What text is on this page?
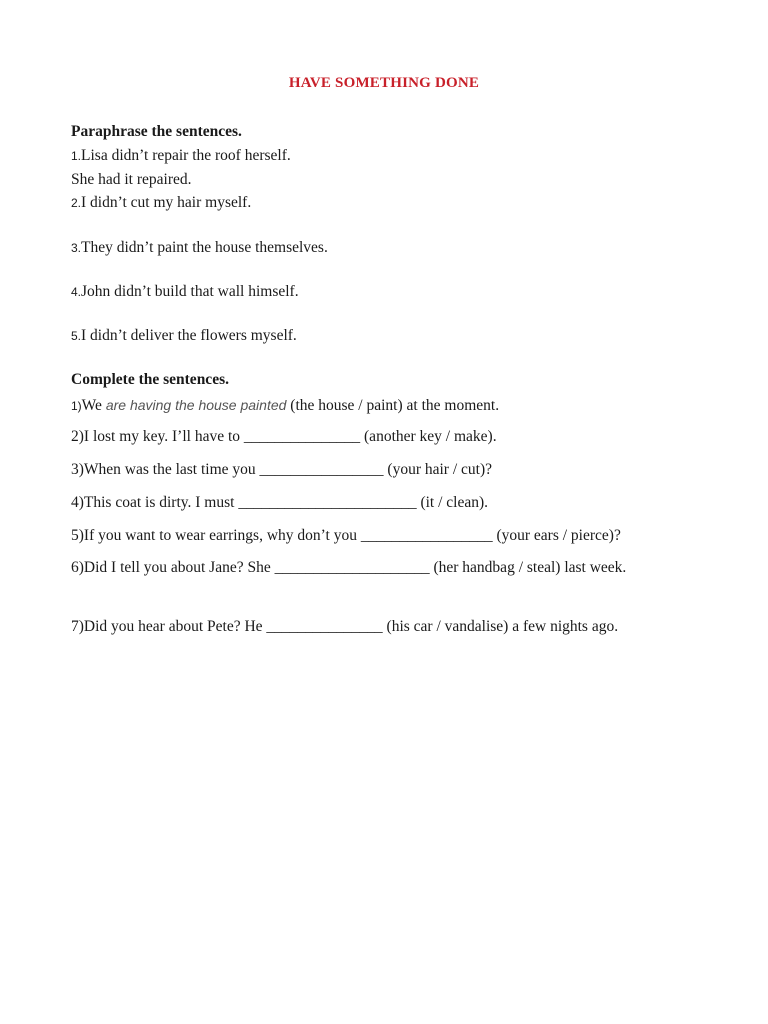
HAVE SOMETHING DONE
Paraphrase the sentences.
1.Lisa didn’t repair the roof herself.
She had it repaired.
2.I didn’t cut my hair myself.
3.They didn’t paint the house themselves.
4.John didn’t build that wall himself.
5.I didn’t deliver the flowers myself.
Complete the sentences.
1)We are having the house painted (the house / paint) at the moment.
2)I lost my key. I’ll have to _______________ (another key / make).
3)When was the last time you ________________ (your hair / cut)?
4)This coat is dirty. I must _______________________ (it / clean).
5)If you want to wear earrings, why don’t you _________________ (your ears / pierce)?
6)Did I tell you about Jane? She ____________________ (her handbag / steal) last week.
7)Did you hear about Pete? He _______________ (his car / vandalise) a few nights ago.
